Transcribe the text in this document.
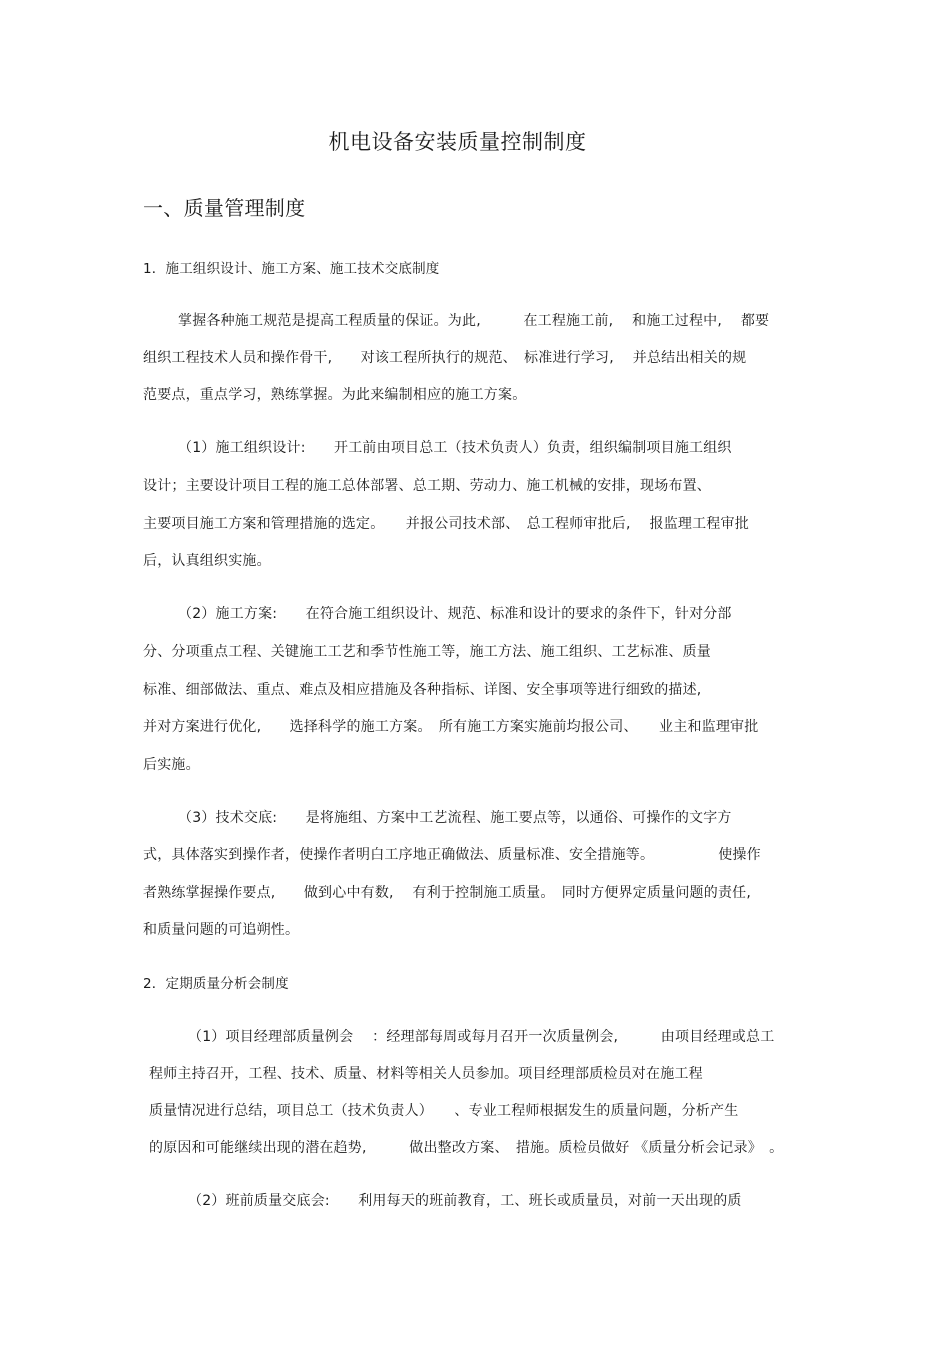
机电设备安装质量控制制度
一、质量管理制度
1．施工组织设计、施工方案、施工技术交底制度
掌握各种施工规范是提高工程质量的保证。为此,　　　在工程施工前,　 和施工过程中,　 都要
组织工程技术人员和操作骨干,　　对该工程所执行的规范、　标准进行学习,　 并总结出相关的规
范要点，重点学习，熟练掌握。为此来编制相应的施工方案。
（1）施工组织设计:　　开工前由项目总工（技术负责人）负责，组织编制项目施工组织
设计；主要设计项目工程的施工总体部署、总工期、劳动力、施工机械的安排，现场布置、
主要项目施工方案和管理措施的选定。　　并报公司技术部、　总工程师审批后,　 报监理工程审批
后，认真组织实施。
（2）施工方案:　　在符合施工组织设计、规范、标准和设计的要求的条件下，针对分部
分、分项重点工程、关键施工工艺和季节性施工等，施工方法、施工组织、工艺标准、质量
标准、细部做法、重点、难点及相应措施及各种指标、详图、安全事项等进行细致的描述,
并对方案进行优化,　　选择科学的施工方案。　所有施工方案实施前均报公司、　　业主和监理审批
后实施。
（3）技术交底:　　是将施组、方案中工艺流程、施工要点等，以通俗、可操作的文字方
式，具体落实到操作者，使操作者明白工序地正确做法、质量标准、安全措施等。　　　　　使操作
者熟练掌握操作要点,　　做到心中有数,　 有利于控制施工质量。　同时方便界定质量问题的责任,
和质量问题的可追朔性。
2．定期质量分析会制度
（1）项目经理部质量例会　 ：经理部每周或每月召开一次质量例会,　　　由项目经理或总工
程师主持召开，工程、技术、质量、材料等相关人员参加。项目经理部质检员对在施工程
质量情况进行总结，项目总工（技术负责人）　　、专业工程师根据发生的质量问题，分析产生
的原因和可能继续出现的潜在趋势,　　　做出整改方案、　措施。质检员做好 《质量分析会记录》　。
（2）班前质量交底会:　　利用每天的班前教育，工、班长或质量员，对前一天出现的质
